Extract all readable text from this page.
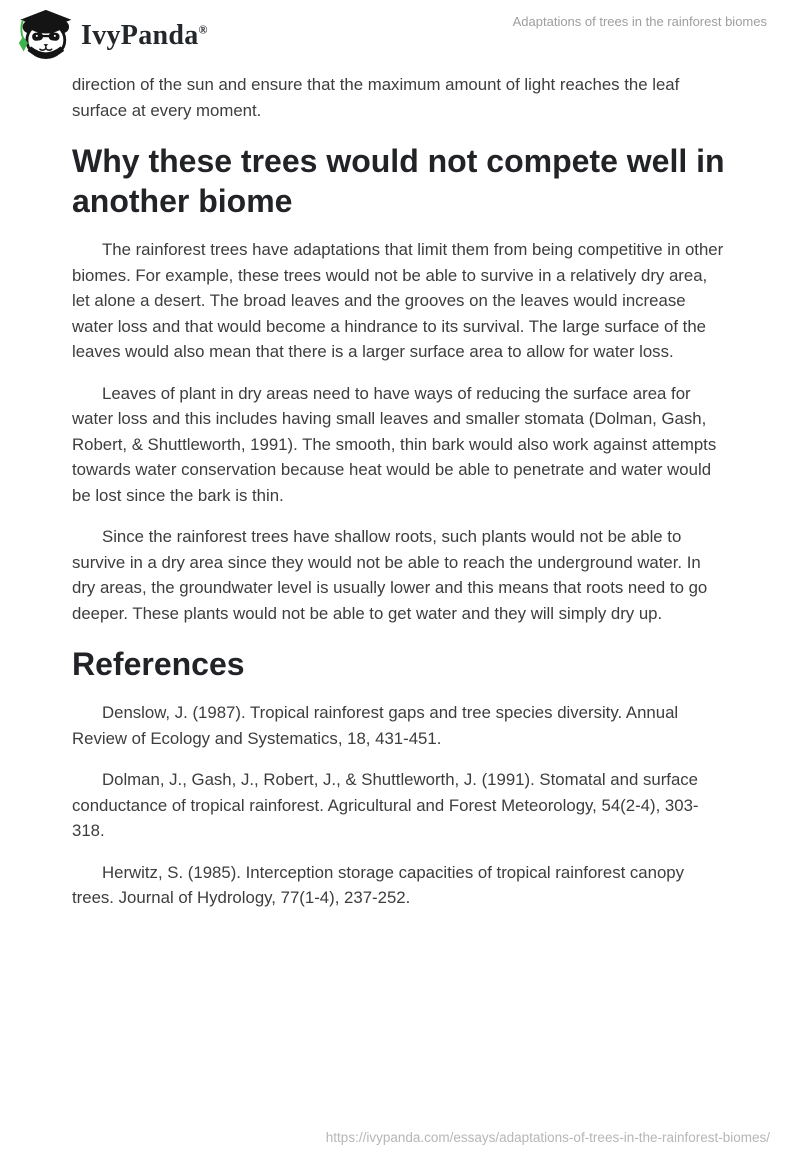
IvyPanda®
Adaptations of trees in the rainforest biomes

direction of the sun and ensure that the maximum amount of light reaches the leaf surface at every moment.

Why these trees would not compete well in another biome

The rainforest trees have adaptations that limit them from being competitive in other biomes. For example, these trees would not be able to survive in a relatively dry area, let alone a desert. The broad leaves and the grooves on the leaves would increase water loss and that would become a hindrance to its survival. The large surface of the leaves would also mean that there is a larger surface area to allow for water loss.

Leaves of plant in dry areas need to have ways of reducing the surface area for water loss and this includes having small leaves and smaller stomata (Dolman, Gash, Robert, & Shuttleworth, 1991). The smooth, thin bark would also work against attempts towards water conservation because heat would be able to penetrate and water would be lost since the bark is thin.

Since the rainforest trees have shallow roots, such plants would not be able to survive in a dry area since they would not be able to reach the underground water. In dry areas, the groundwater level is usually lower and this means that roots need to go deeper. These plants would not be able to get water and they will simply dry up.

References

Denslow, J. (1987). Tropical rainforest gaps and tree species diversity. Annual Review of Ecology and Systematics, 18, 431-451.

Dolman, J., Gash, J., Robert, J., & Shuttleworth, J. (1991). Stomatal and surface conductance of tropical rainforest. Agricultural and Forest Meteorology, 54(2-4), 303-318.

Herwitz, S. (1985). Interception storage capacities of tropical rainforest canopy trees. Journal of Hydrology, 77(1-4), 237-252.

https://ivypanda.com/essays/adaptations-of-trees-in-the-rainforest-biomes/
